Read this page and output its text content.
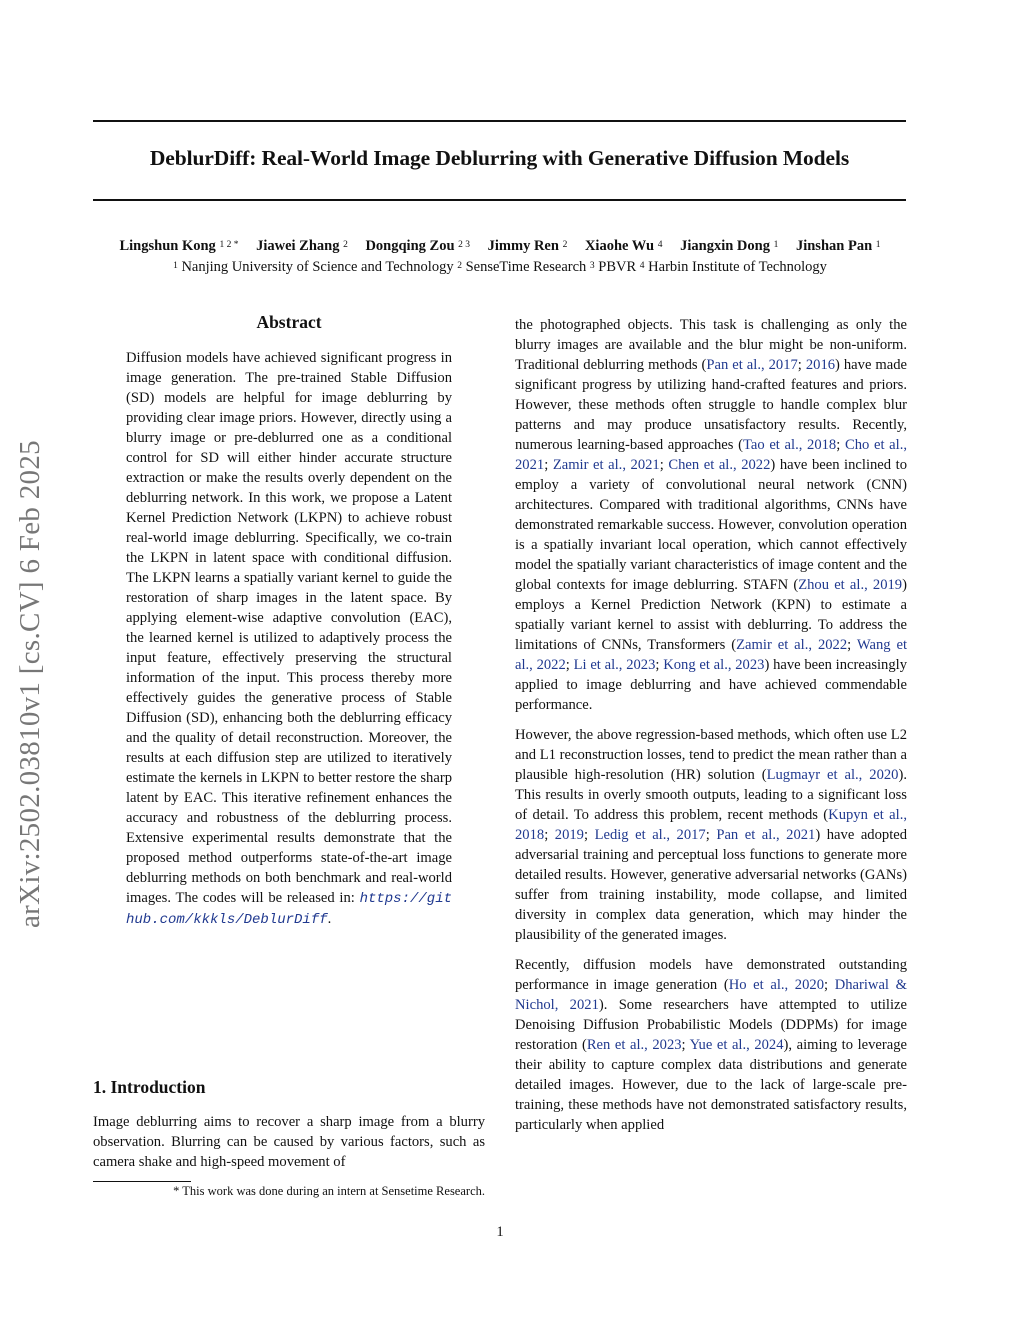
arXiv:2502.03810v1 [cs.CV] 6 Feb 2025
DeblurDiff: Real-World Image Deblurring with Generative Diffusion Models
Lingshun Kong $^{1 2 *}$ Jiawei Zhang $^2$ Dongqing Zou $^{2 3}$ Jimmy Ren $^2$ Xiaohe Wu $^4$ Jiangxin Dong $^1$ Jinshan Pan $^1$
$^1$ Nanjing University of Science and Technology $^2$ SenseTime Research $^3$ PBVR $^4$ Harbin Institute of Technology
Abstract
Diffusion models have achieved significant progress in image generation. The pre-trained Stable Diffusion (SD) models are helpful for image deblurring by providing clear image priors. However, directly using a blurry image or pre-deblurred one as a conditional control for SD will either hinder accurate structure extraction or make the results overly dependent on the deblurring network. In this work, we propose a Latent Kernel Prediction Network (LKPN) to achieve robust real-world image deblurring. Specifically, we co-train the LKPN in latent space with conditional diffusion. The LKPN learns a spatially variant kernel to guide the restoration of sharp images in the latent space. By applying element-wise adaptive convolution (EAC), the learned kernel is utilized to adaptively process the input feature, effectively preserving the structural information of the input. This process thereby more effectively guides the generative process of Stable Diffusion (SD), enhancing both the deblurring efficacy and the quality of detail reconstruction. Moreover, the results at each diffusion step are utilized to iteratively estimate the kernels in LKPN to better restore the sharp latent by EAC. This iterative refinement enhances the accuracy and robustness of the deblurring process. Extensive experimental results demonstrate that the proposed method outperforms state-of-the-art image deblurring methods on both benchmark and real-world images. The codes will be released in: https://github.com/kkkls/DeblurDiff.
1. Introduction
Image deblurring aims to recover a sharp image from a blurry observation. Blurring can be caused by various factors, such as camera shake and high-speed movement of
* This work was done during an intern at Sensetime Research.

the photographed objects. This task is challenging as only the blurry images are available and the blur might be non-uniform. Traditional deblurring methods (Pan et al., 2017; 2016) have made significant progress by utilizing hand-crafted features and priors. However, these methods often struggle to handle complex blur patterns and may produce unsatisfactory results. Recently, numerous learning-based approaches (Tao et al., 2018; Cho et al., 2021; Zamir et al., 2021; Chen et al., 2022) have been inclined to employ a variety of convolutional neural network (CNN) architectures. Compared with traditional algorithms, CNNs have demonstrated remarkable success. However, convolution operation is a spatially invariant local operation, which cannot effectively model the spatially variant characteristics of image content and the global contexts for image deblurring. STAFN (Zhou et al., 2019) employs a Kernel Prediction Network (KPN) to estimate a spatially variant kernel to assist with deblurring. To address the limitations of CNNs, Transformers (Zamir et al., 2022; Wang et al., 2022; Li et al., 2023; Kong et al., 2023) have been increasingly applied to image deblurring and have achieved commendable performance.

However, the above regression-based methods, which often use L2 and L1 reconstruction losses, tend to predict the mean rather than a plausible high-resolution (HR) solution (Lugmayr et al., 2020). This results in overly smooth outputs, leading to a significant loss of detail. To address this problem, recent methods (Kupyn et al., 2018; 2019; Ledig et al., 2017; Pan et al., 2021) have adopted adversarial training and perceptual loss functions to generate more detailed results. However, generative adversarial networks (GANs) suffer from training instability, mode collapse, and limited diversity in complex data generation, which may hinder the plausibility of the generated images.

Recently, diffusion models have demonstrated outstanding performance in image generation (Ho et al., 2020; Dhariwal & Nichol, 2021). Some researchers have attempted to utilize Denoising Diffusion Probabilistic Models (DDPMs) for image restoration (Ren et al., 2023; Yue et al., 2024), aiming to leverage their ability to capture complex data distributions and generate detailed images. However, due to the lack of large-scale pre-training, these methods have not demonstrated satisfactory results, particularly when applied

1
